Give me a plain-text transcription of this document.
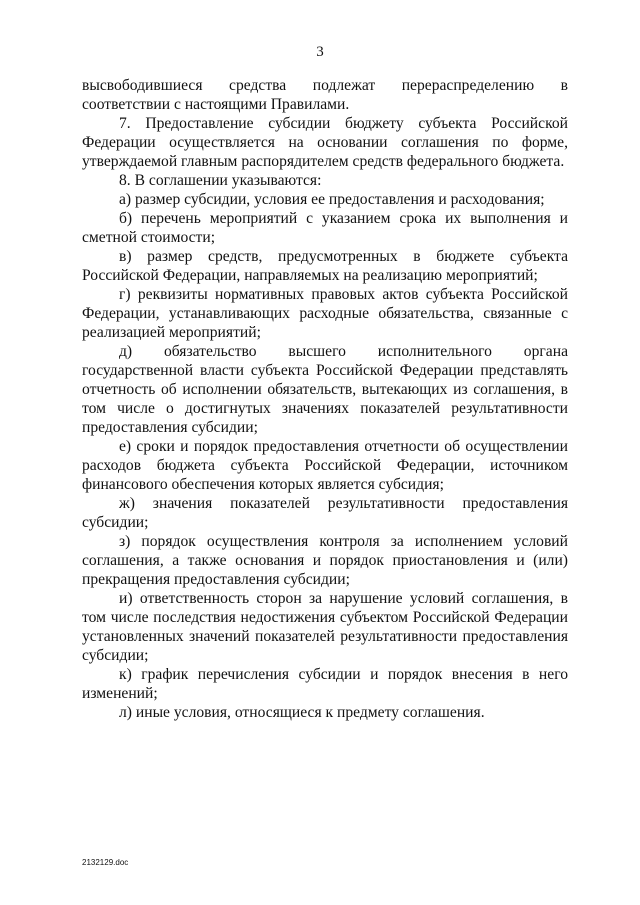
3

высвободившиеся средства подлежат перераспределению в соответствии с настоящими Правилами.

7. Предоставление субсидии бюджету субъекта Российской Федерации осуществляется на основании соглашения по форме, утверждаемой главным распорядителем средств федерального бюджета.

8. В соглашении указываются:

а) размер субсидии, условия ее предоставления и расходования;

б) перечень мероприятий с указанием срока их выполнения и сметной стоимости;

в) размер средств, предусмотренных в бюджете субъекта Российской Федерации, направляемых на реализацию мероприятий;

г) реквизиты нормативных правовых актов субъекта Российской Федерации, устанавливающих расходные обязательства, связанные с реализацией мероприятий;

д) обязательство высшего исполнительного органа государственной власти субъекта Российской Федерации представлять отчетность об исполнении обязательств, вытекающих из соглашения, в том числе о достигнутых значениях показателей результативности предоставления субсидии;

е) сроки и порядок предоставления отчетности об осуществлении расходов бюджета субъекта Российской Федерации, источником финансового обеспечения которых является субсидия;

ж) значения показателей результативности предоставления субсидии;

з) порядок осуществления контроля за исполнением условий соглашения, а также основания и порядок приостановления и (или) прекращения предоставления субсидии;

и) ответственность сторон за нарушение условий соглашения, в том числе последствия недостижения субъектом Российской Федерации установленных значений показателей результативности предоставления субсидии;

к) график перечисления субсидии и порядок внесения в него изменений;

л) иные условия, относящиеся к предмету соглашения.

2132129.doc
